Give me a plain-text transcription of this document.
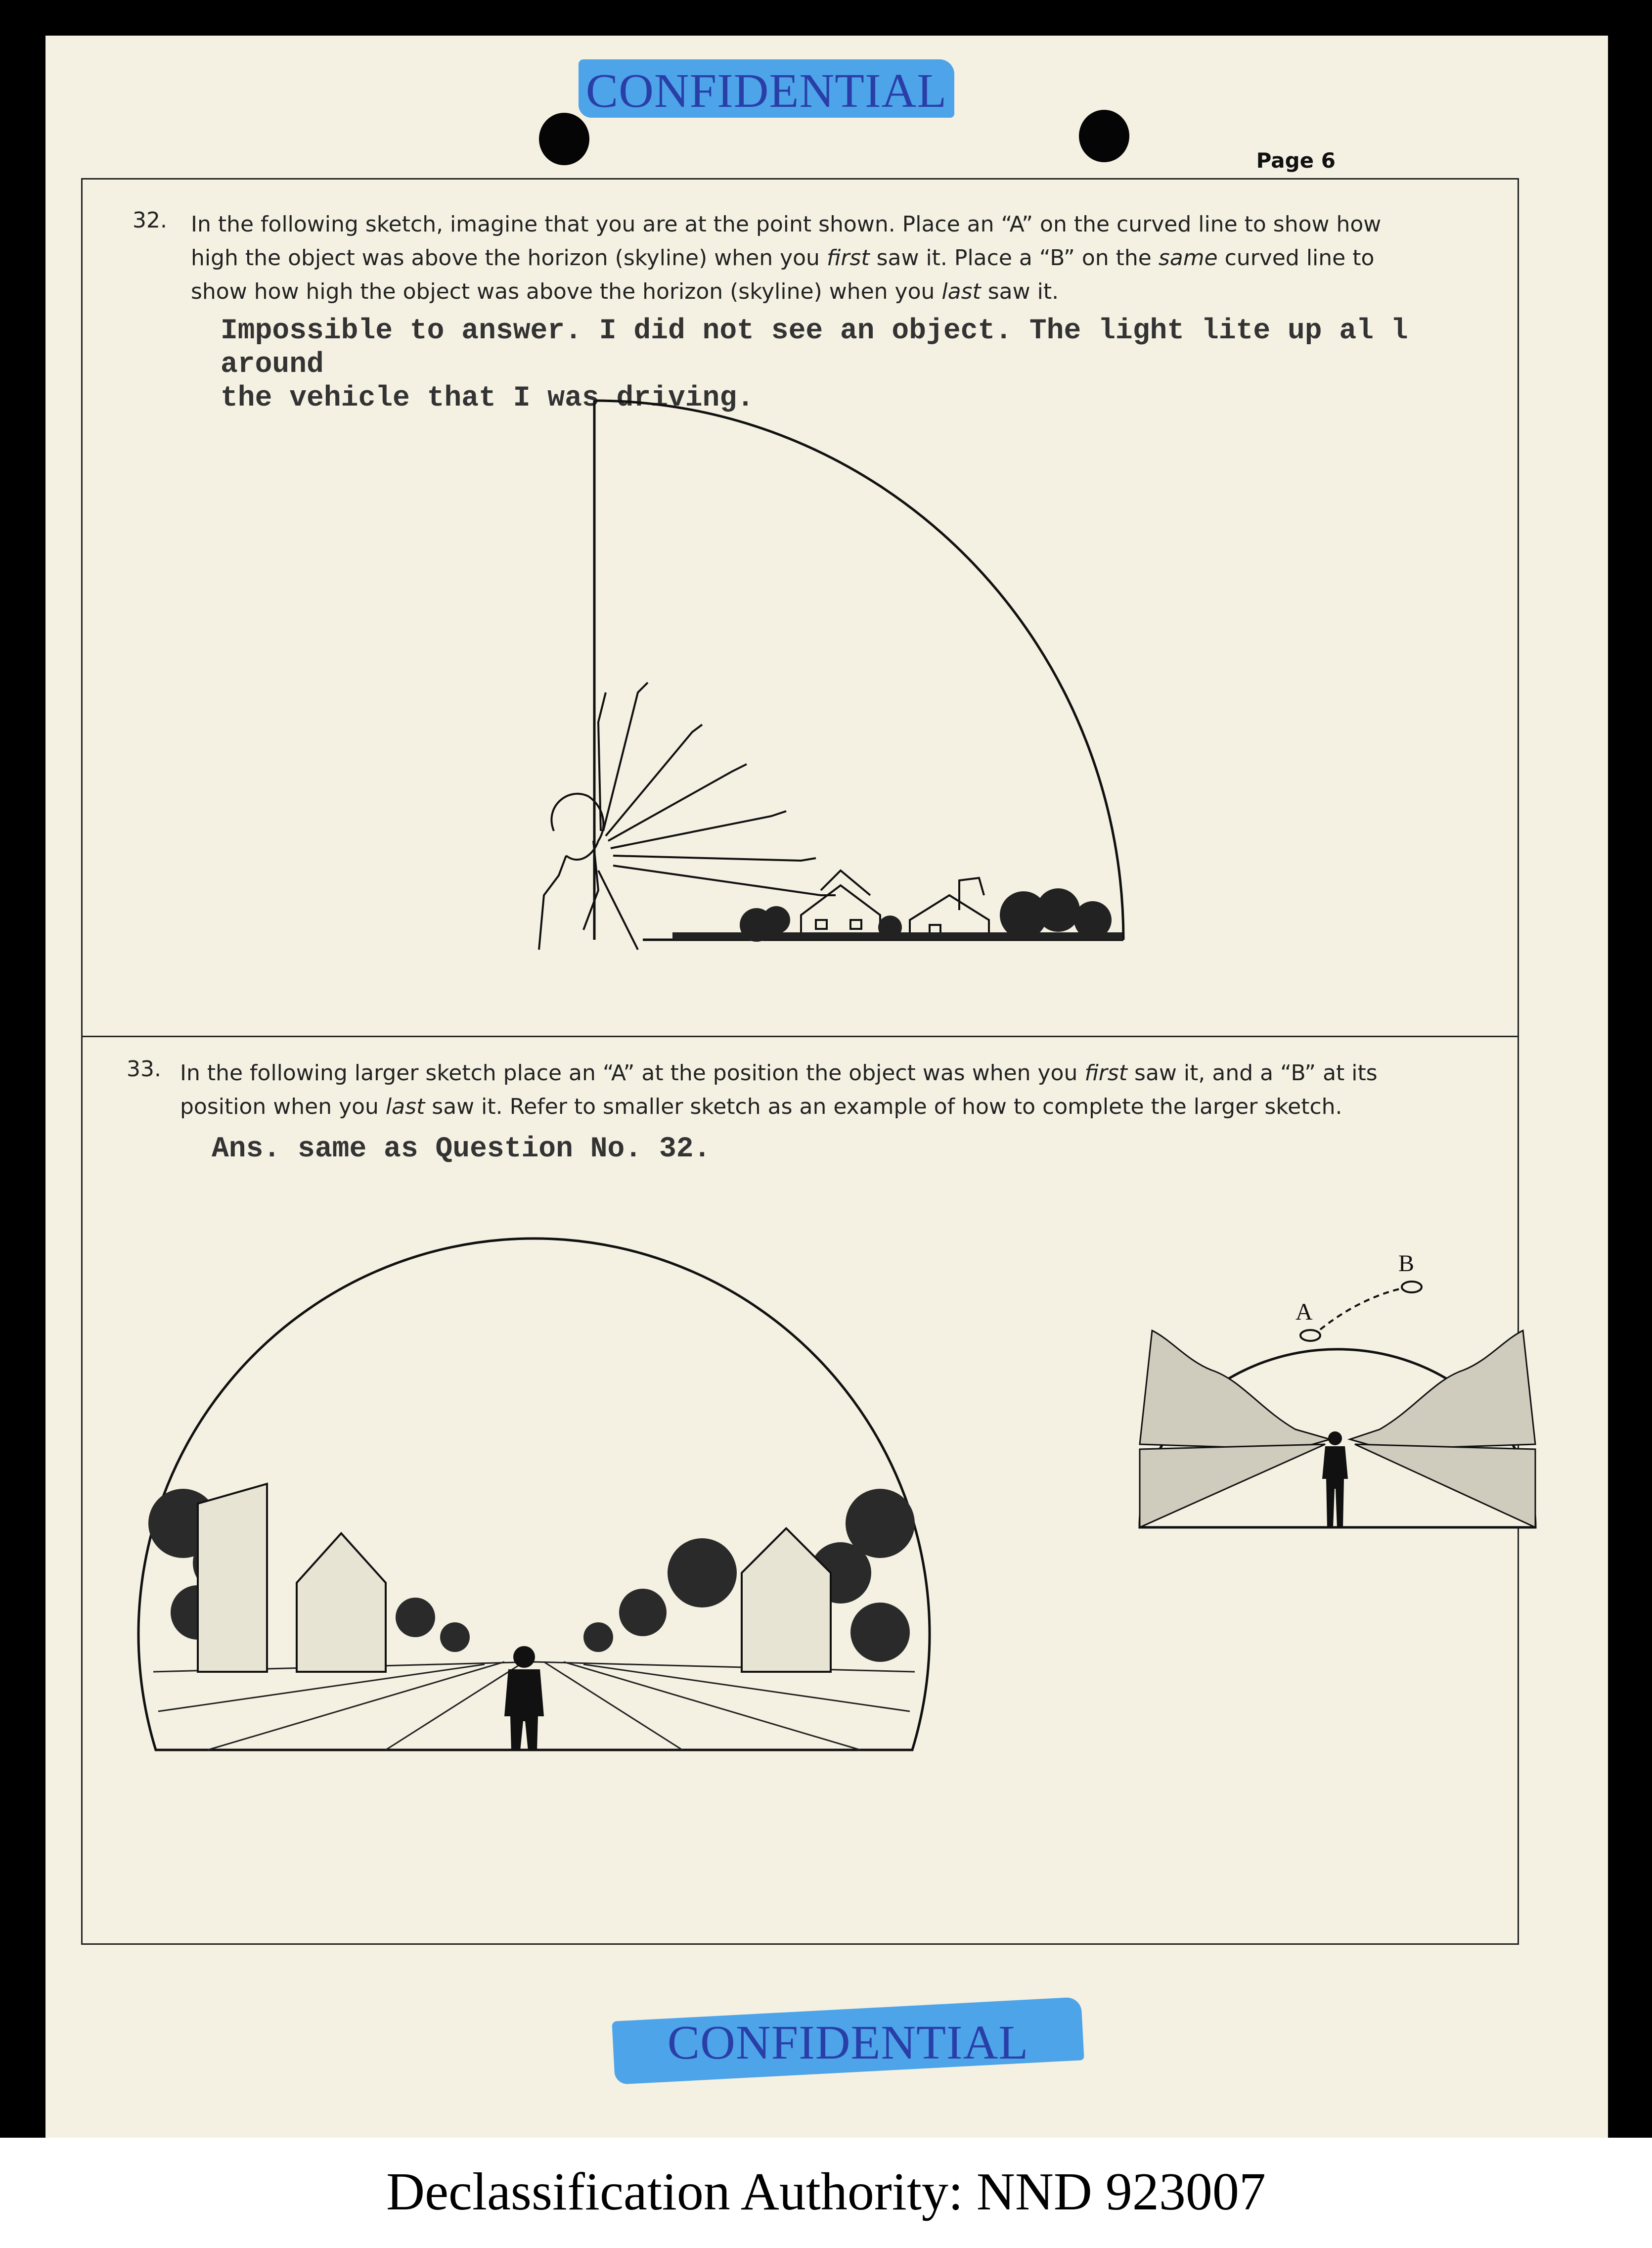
CONFIDENTIAL
Page 6
32. In the following sketch, imagine that you are at the point shown. Place an “A” on the curved line to show how
high the object was above the horizon (skyline) when you first saw it. Place a “B” on the same curved line to
show how high the object was above the horizon (skyline) when you last saw it.
Impossible to answer. I did not see an object. The light lite up al l around
the vehicle that I was driving.
33. In the following larger sketch place an “A” at the position the object was when you first saw it, and a “B” at its
position when you last saw it. Refer to smaller sketch as an example of how to complete the larger sketch.
Ans. same as Question No. 32.
A
B
CONFIDENTIAL
Declassification Authority: NND 923007
